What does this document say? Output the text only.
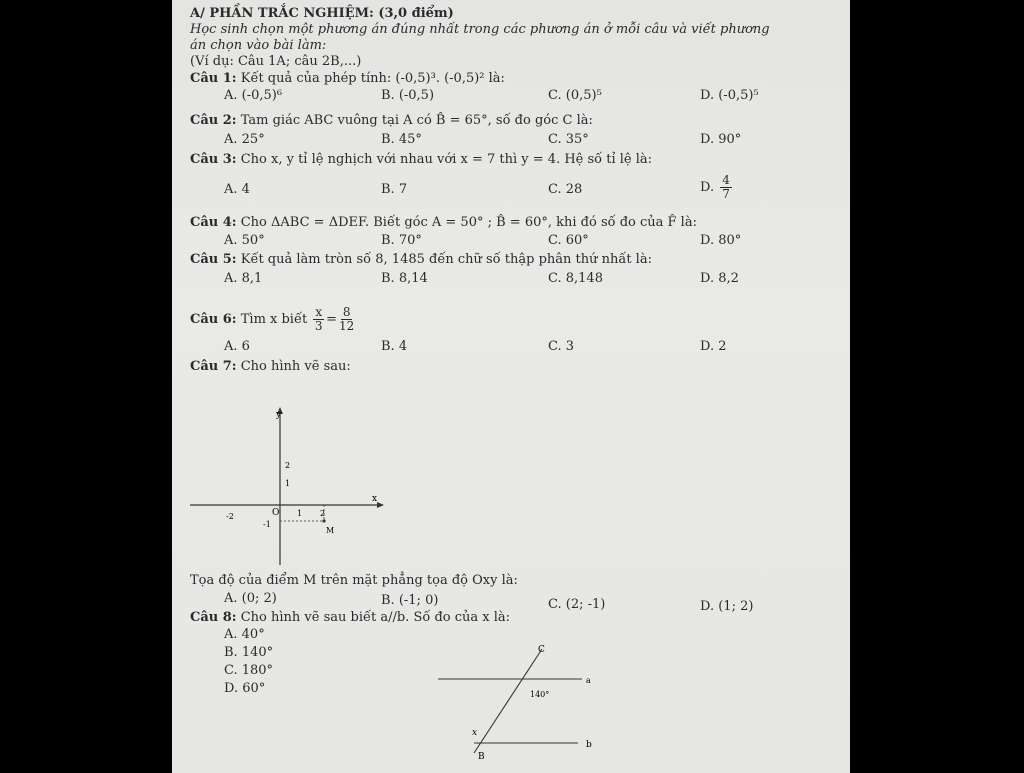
A/ PHẦN TRẮC NGHIỆM: (3,0 điểm)
Học sinh chọn một phương án đúng nhất trong các phương án ở mỗi câu và viết phương
án chọn vào bài làm:
(Ví dụ: Câu 1A; câu 2B,...)
Câu 1: Kết quả của phép tính: (-0,5)³. (-0,5)² là:
A. (-0,5)⁶	B. (-0,5)	C. (0,5)⁵	D. (-0,5)⁵
Câu 2: Tam giác ABC vuông tại A có B̂ = 65°, số đo góc C là:
A. 25°	B. 45°	C. 35°	D. 90°
Câu 3: Cho x, y tỉ lệ nghịch với nhau với x = 7 thì y = 4. Hệ số tỉ lệ là:
A. 4	B. 7	C. 28	D. $\frac{4}{7}$
Câu 4: Cho ΔABC = ΔDEF. Biết góc A = 50° ; B̂ = 60°, khi đó số đo của F̂ là:
A. 50°	B. 70°	C. 60°	D. 80°
Câu 5: Kết quả làm tròn số 8, 1485 đến chữ số thập phân thứ nhất là:
A. 8,1	B. 8,14	C. 8,148	D. 8,2
Câu 6: Tìm x biết $\frac{x}{3} = \frac{8}{12}$
A. 6	B. 4	C. 3	D. 2
Câu 7: Cho hình vẽ sau:
y
x
O
2
1
-2
-1
1 2
M
Tọa độ của điểm M trên mặt phẳng tọa độ Oxy là:
A. (0; 2)	B. (-1; 0)	C. (2; -1)	D. (1; 2)
Câu 8: Cho hình vẽ sau biết a//b. Số đo của x là:
A. 40°
B. 140°
C. 180°
D. 60°
C
a
b
140°
x
B
